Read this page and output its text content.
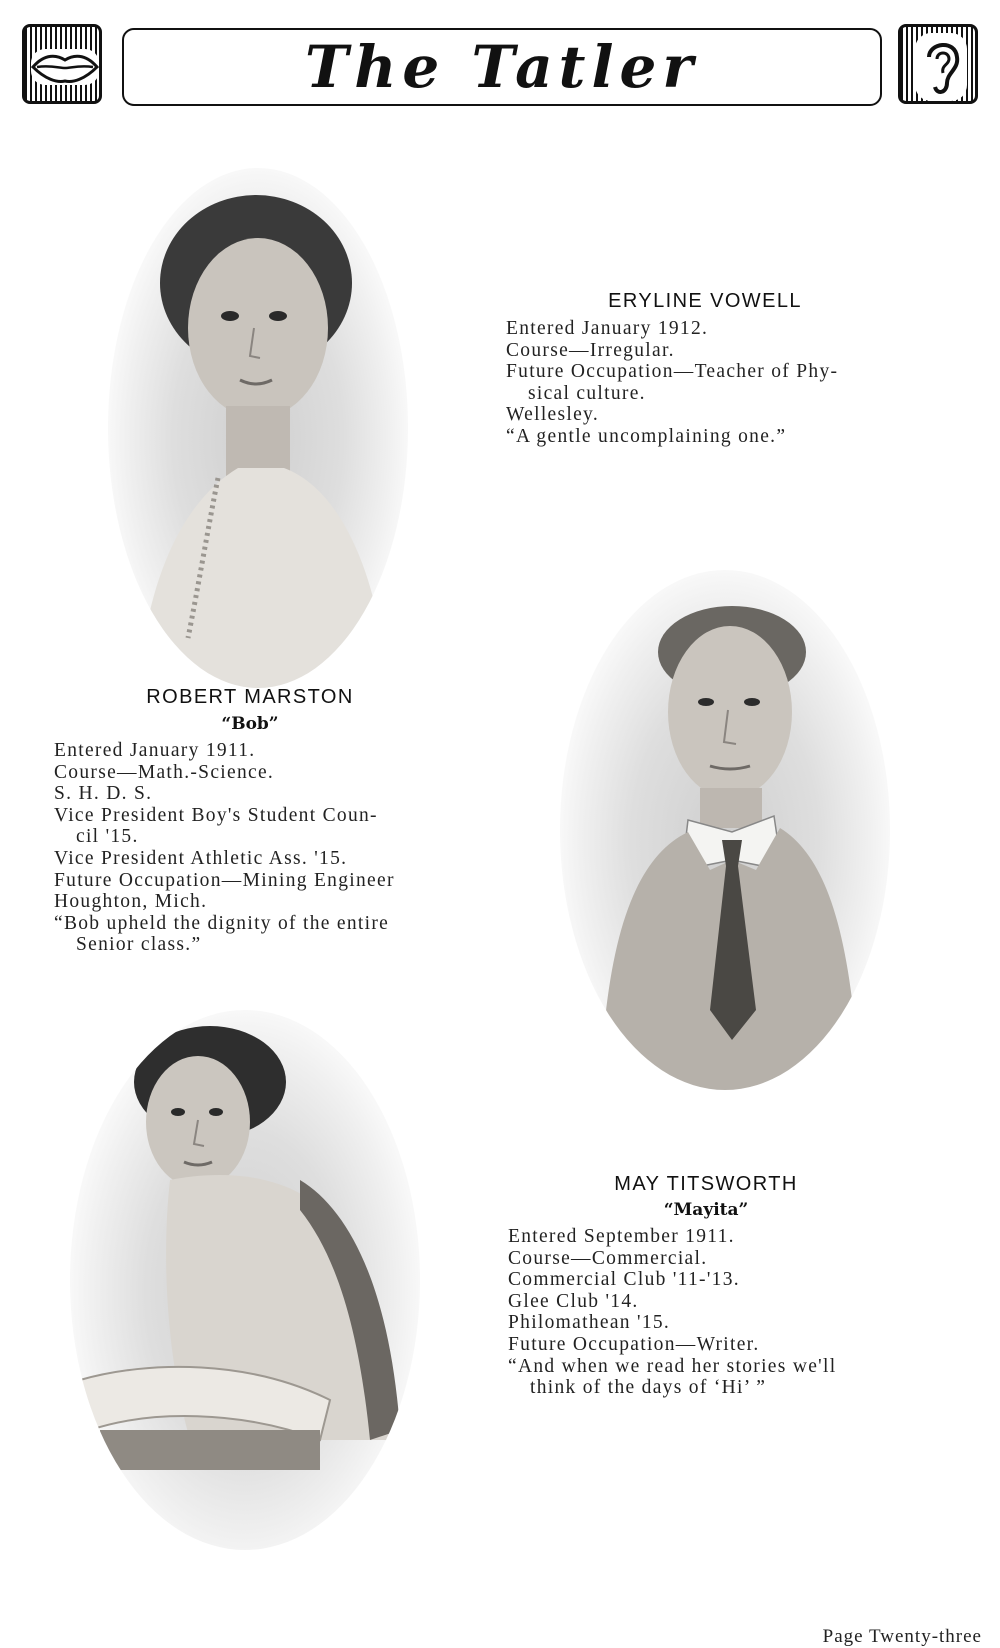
The Tatler
ERYLINE VOWELL
Entered January 1912.
Course—Irregular.
Future Occupation—Teacher of Phy-
sical culture.
Wellesley.
“A gentle uncomplaining one.”
ROBERT MARSTON
“Bob”
Entered January 1911.
Course—Math.-Science.
S. H. D. S.
Vice President Boy's Student Coun-
cil '15.
Vice President Athletic Ass. '15.
Future Occupation—Mining Engineer
Houghton, Mich.
“Bob upheld the dignity of the entire
Senior class.”
MAY TITSWORTH
“Mayita”
Entered September 1911.
Course—Commercial.
Commercial Club '11-'13.
Glee Club '14.
Philomathean '15.
Future Occupation—Writer.
“And when we read her stories we'll
think of the days of ‘Hi’ ”
Page Twenty-three
